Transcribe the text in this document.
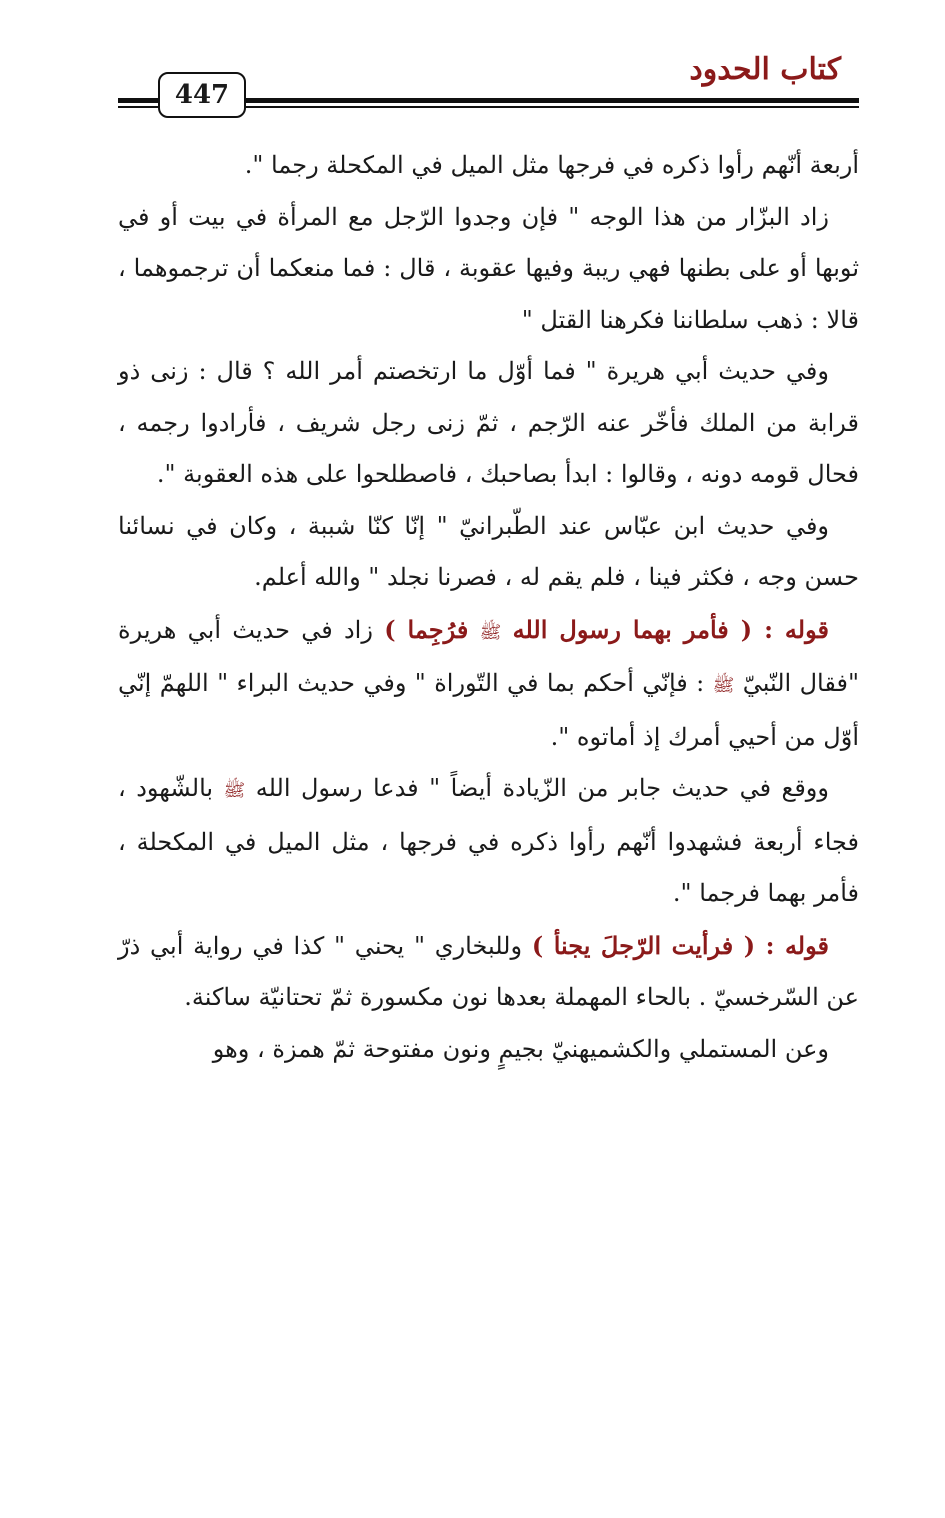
كتاب الحدود
447

أربعة أنّهم رأوا ذكره في فرجها مثل الميل في المكحلة رجما ".

زاد البزّار من هذا الوجه " فإن وجدوا الرّجل مع المرأة في بيت أو في ثوبها أو على بطنها فهي ريبة وفيها عقوبة ، قال : فما منعكما أن ترجموهما ، قالا : ذهب سلطاننا فكرهنا القتل "

وفي حديث أبي هريرة " فما أوّل ما ارتخصتم أمر الله ؟ قال : زنى ذو قرابة من الملك فأخّر عنه الرّجم ، ثمّ زنى رجل شريف ، فأرادوا رجمه ، فحال قومه دونه ، وقالوا : ابدأ بصاحبك ، فاصطلحوا على هذه العقوبة ".

وفي حديث ابن عبّاس عند الطّبرانيّ " إنّا كنّا شببة ، وكان في نسائنا حسن وجه ، فكثر فينا ، فلم يقم له ، فصرنا نجلد " والله أعلم.

قوله : ( فأمر بهما رسول الله ﷺ فرُجِما ) زاد في حديث أبي هريرة "فقال النّبيّ ﷺ : فإنّي أحكم بما في التّوراة " وفي حديث البراء " اللهمّ إنّي أوّل من أحيي أمرك إذ أماتوه ".

ووقع في حديث جابر من الزّيادة أيضاً " فدعا رسول الله ﷺ بالشّهود ، فجاء أربعة فشهدوا أنّهم رأوا ذكره في فرجها ، مثل الميل في المكحلة ، فأمر بهما فرجما ".

قوله : ( فرأيت الرّجلَ يجنأ ) وللبخاري " يحني " كذا في رواية أبي ذرّ عن السّرخسيّ . بالحاء المهملة بعدها نون مكسورة ثمّ تحتانيّة ساكنة.

وعن المستملي والكشميهنيّ بجيمٍ ونون مفتوحة ثمّ همزة ، وهو
